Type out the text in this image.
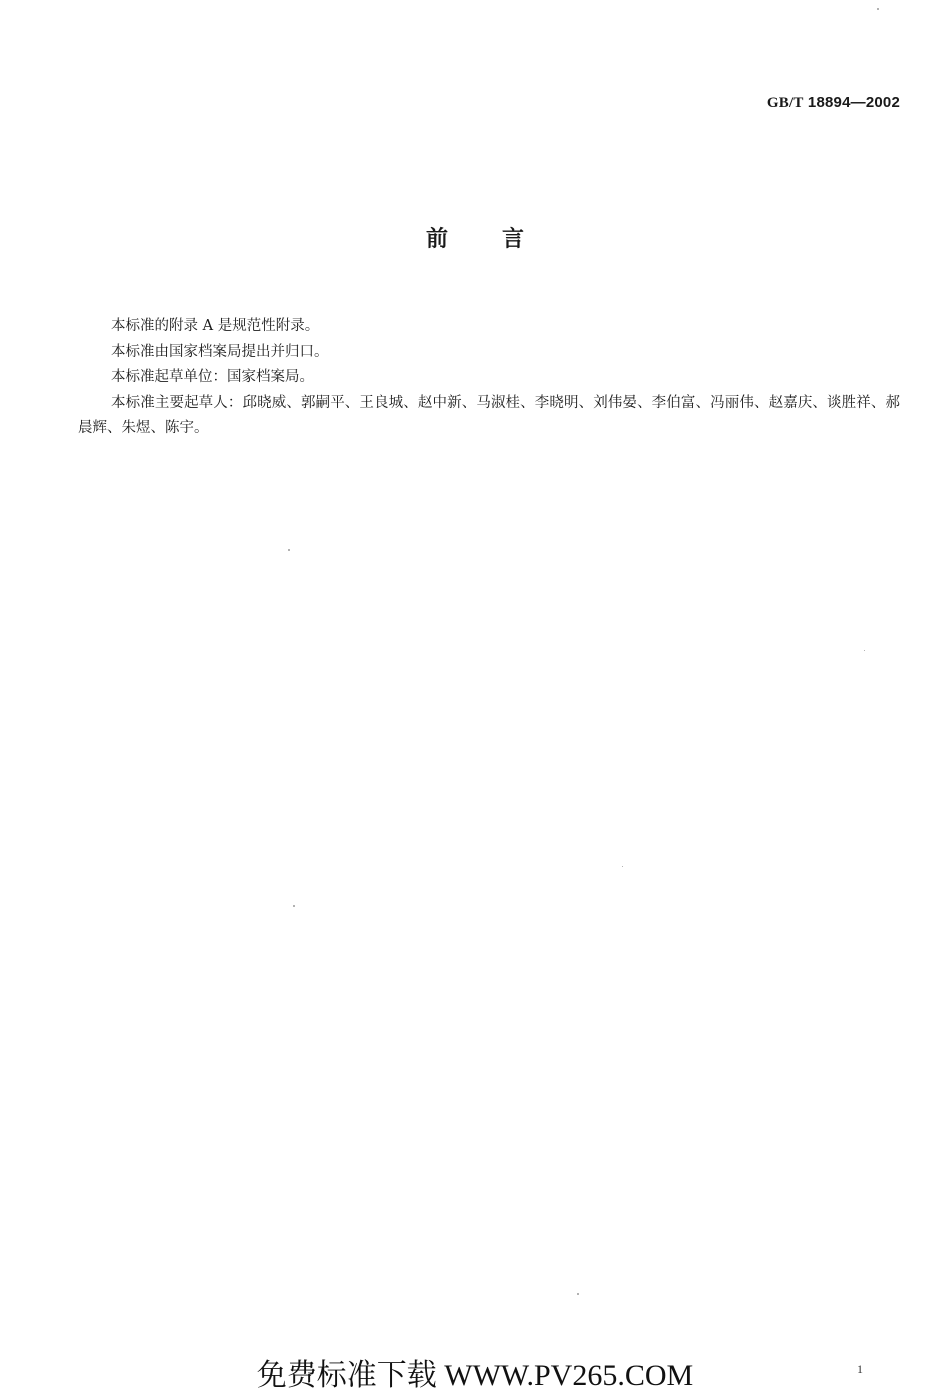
GB/T 18894—2002
前言

本标准的附录 A 是规范性附录。

本标准由国家档案局提出并归口。

本标准起草单位：国家档案局。

本标准主要起草人：邱晓威、郭嗣平、王良城、赵中新、马淑桂、李晓明、刘伟晏、李伯富、冯丽伟、赵嘉庆、谈胜祥、郝晨辉、朱煜、陈宇。

免费标准下载 WWW.PV265.COM	1
